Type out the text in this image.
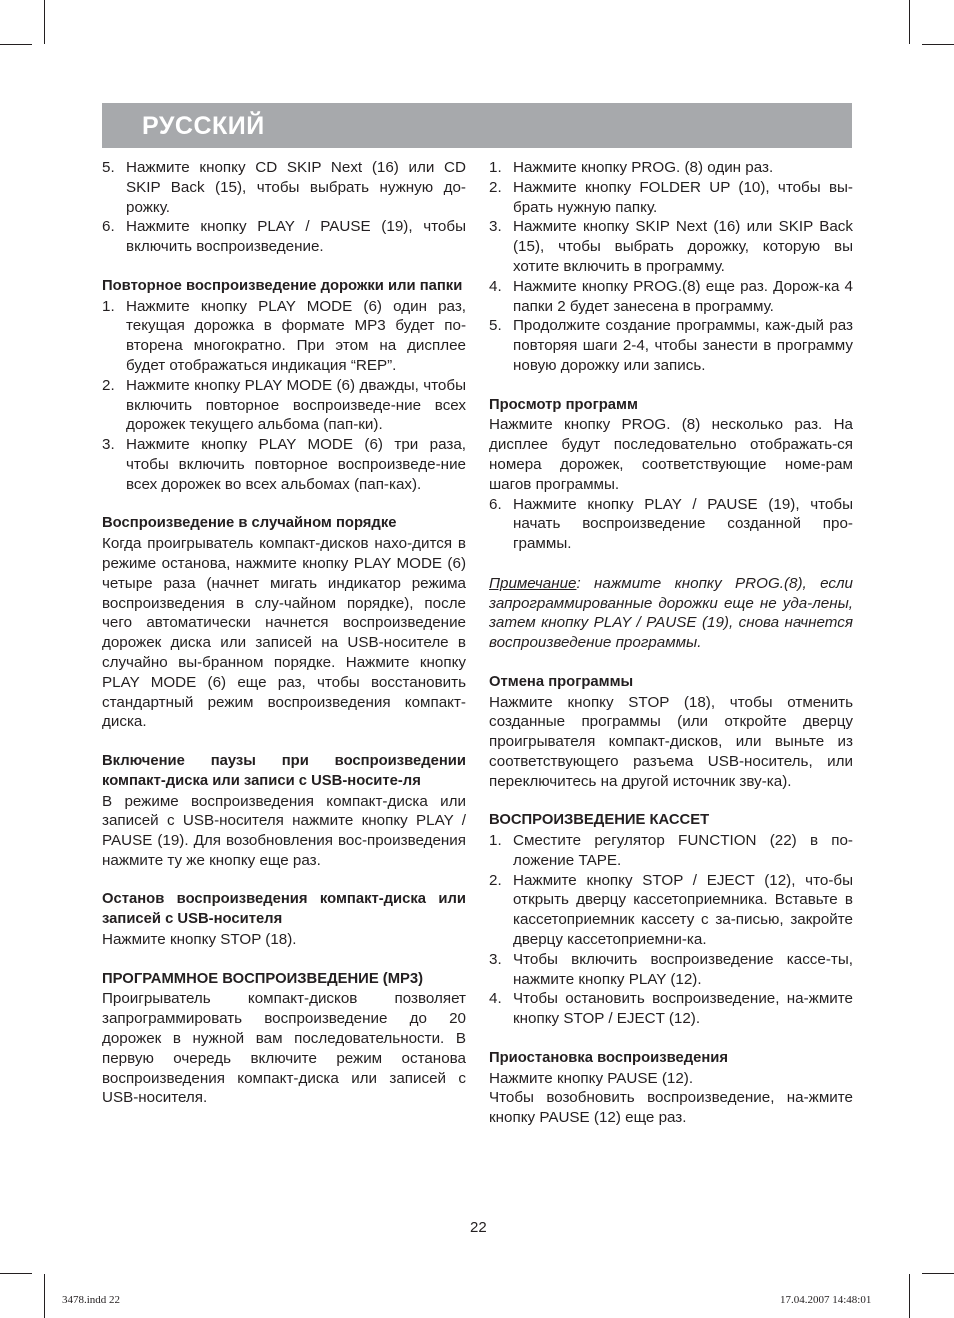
РУССКИЙ
5. Нажмите кнопку CD SKIP Next (16) или CD SKIP Back (15), чтобы выбрать нужную до-рожку.
6. Нажмите кнопку PLAY / PAUSE (19), чтобы включить воспроизведение.
Повторное воспроизведение дорожки или папки
1. Нажмите кнопку PLAY MODE (6) один раз, текущая дорожка в формате MP3 будет по-вторена многократно. При этом на дисплее будет отображаться индикация “REP”.
2. Нажмите кнопку PLAY MODE (6) дважды, чтобы включить повторное воспроизведе-ние всех дорожек текущего альбома (пап-ки).
3. Нажмите кнопку PLAY MODE (6) три раза, чтобы включить повторное воспроизведе-ние всех дорожек во всех альбомах (пап-ках).
Воспроизведение в случайном порядке
Когда проигрыватель компакт-дисков нахо-дится в режиме останова, нажмите кнопку PLAY MODE (6) четыре раза (начнет мигать индикатор режима воспроизведения в слу-чайном порядке), после чего автоматически начнется воспроизведение дорожек диска или записей на USB-носителе в случайно вы-бранном порядке. Нажмите кнопку PLAY MODE (6) еще раз, чтобы восстановить стандартный режим воспроизведения компакт-диска.
Включение паузы при воспроизведении компакт-диска или записи с USB-носите-ля
В режиме воспроизведения компакт-диска или записей с USB-носителя нажмите кнопку PLAY / PAUSE (19). Для возобновления вос-произведения нажмите ту же кнопку еще раз.
Останов воспроизведения компакт-диска или записей с USB-носителя
Нажмите кнопку STOP (18).
ПРОГРАММНОЕ ВОСПРОИЗВЕДЕНИЕ (MP3)
Проигрыватель компакт-дисков позволяет запрограммировать воспроизведение до 20 дорожек в нужной вам последовательности. В первую очередь включите режим останова воспроизведения компакт-диска или записей с USB-носителя.
1. Нажмите кнопку PROG. (8) один раз.
2. Нажмите кнопку FOLDER UP (10), чтобы вы-брать нужную папку.
3. Нажмите кнопку SKIP Next (16) или SKIP Back (15), чтобы выбрать дорожку, которую вы хотите включить в программу.
4. Нажмите кнопку PROG.(8) еще раз. Дорож-ка 4 папки 2 будет занесена в программу.
5. Продолжите создание программы, каж-дый раз повторяя шаги 2-4, чтобы занести в программу новую дорожку или запись.
Просмотр программ
Нажмите кнопку PROG. (8) несколько раз. На дисплее будут последовательно отображать-ся номера дорожек, соответствующие номе-рам шагов программы.
6. Нажмите кнопку PLAY / PAUSE (19), чтобы начать воспроизведение созданной про-граммы.
Примечание: нажмите кнопку PROG.(8), если запрограммированные дорожки еще не уда-лены, затем кнопку PLAY / PAUSE (19), снова начнется воспроизведение программы.
Отмена программы
Нажмите кнопку STOP (18), чтобы отменить созданные программы (или откройте дверцу проигрывателя компакт-дисков, или выньте из соответствующего разъема USB-носитель, или переключитесь на другой источник зву-ка).
ВОСПРОИЗВЕДЕНИЕ КАССЕТ
1. Сместите регулятор FUNCTION (22) в по-ложение TAPE.
2. Нажмите кнопку STOP / EJECT (12), что-бы открыть дверцу кассетоприемника. Вставьте в кассетоприемник кассету с за-писью, закройте дверцу кассетоприемни-ка.
3. Чтобы включить воспроизведение кассе-ты, нажмите кнопку PLAY (12).
4. Чтобы остановить воспроизведение, на-жмите кнопку STOP / EJECT (12).
Приостановка воспроизведения
Нажмите кнопку PAUSE (12).
Чтобы возобновить воспроизведение, на-жмите кнопку PAUSE (12) еще раз.
22
3478.indd 22	17.04.2007 14:48:01
